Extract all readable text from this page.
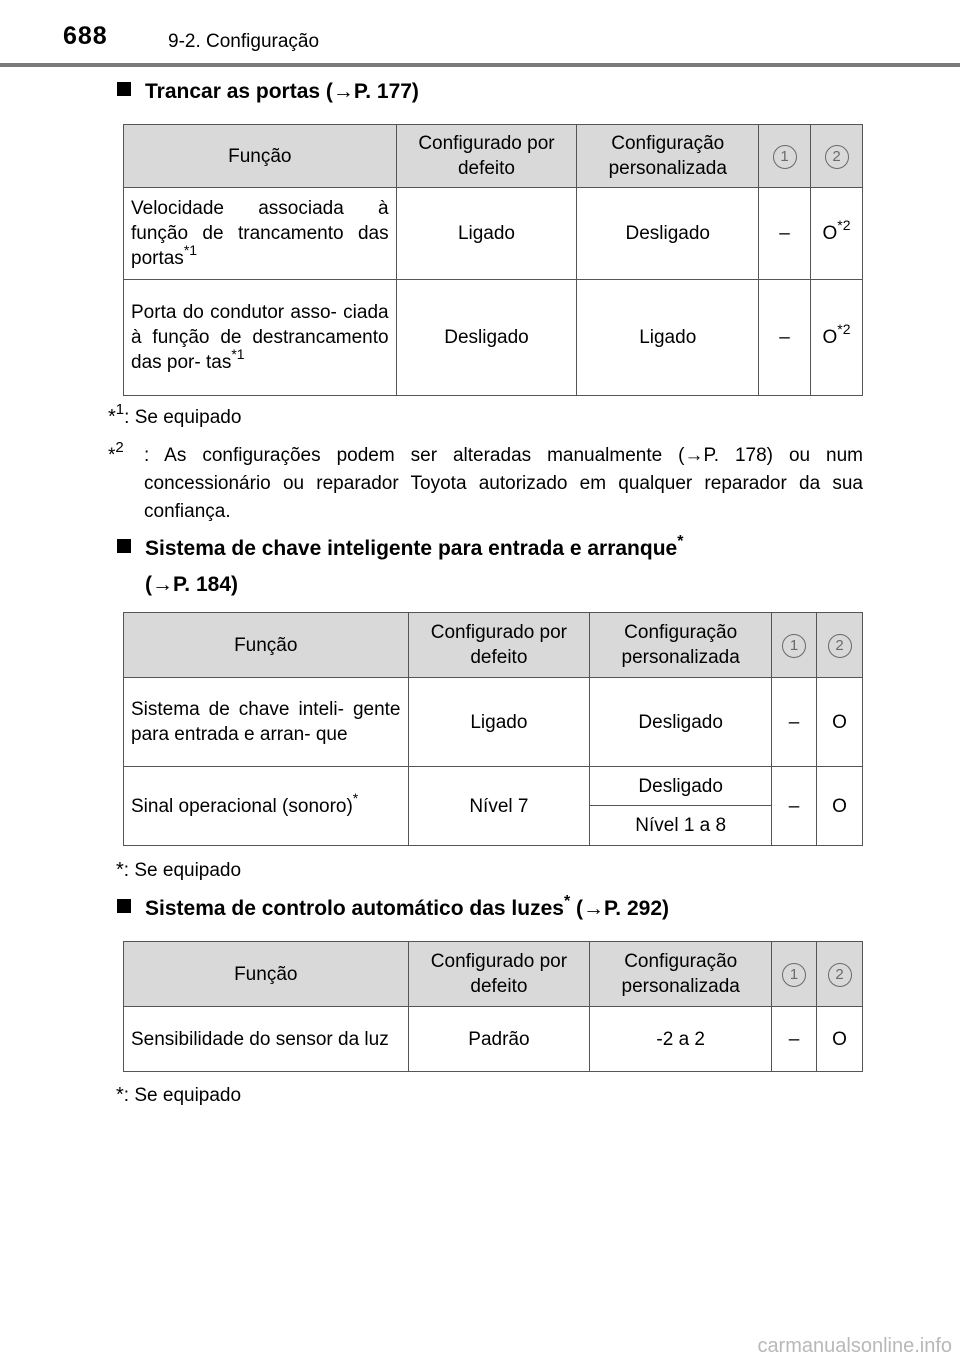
688	9-2. Configuração
Trancar as portas (→P. 177)
Função	Configurado por defeito	Configuração personalizada	1	2
Velocidade associada à função de trancamento das portas$^{*1}$	Ligado	Desligado	–	$O^{*2}$
Porta do condutor asso- ciada à função de destrancamento das por- tas$^{*1}$	Desligado	Ligado	–	$O^{*2}$
*$^1$: Se equipado
*$^2$ : As configurações podem ser alteradas manualmente (→P. 178) ou num concessionário ou reparador Toyota autorizado em qualquer reparador da sua confiança.
Sistema de chave inteligente para entrada e arranque*
(→P. 184)
Função	Configurado por defeito	Configuração personalizada	1	2
Sistema de chave inteli- gente para entrada e arran- que	Ligado	Desligado	–	O
Sinal operacional (sonoro)*	Nível 7	Desligado	–	O
		Nível 1 a 8		
*: Se equipado
Sistema de controlo automático das luzes* (→P. 292)
Função	Configurado por defeito	Configuração personalizada	1	2
Sensibilidade do sensor da luz	Padrão	-2 a 2	–	O
*: Se equipado
carmanualsonline.info
